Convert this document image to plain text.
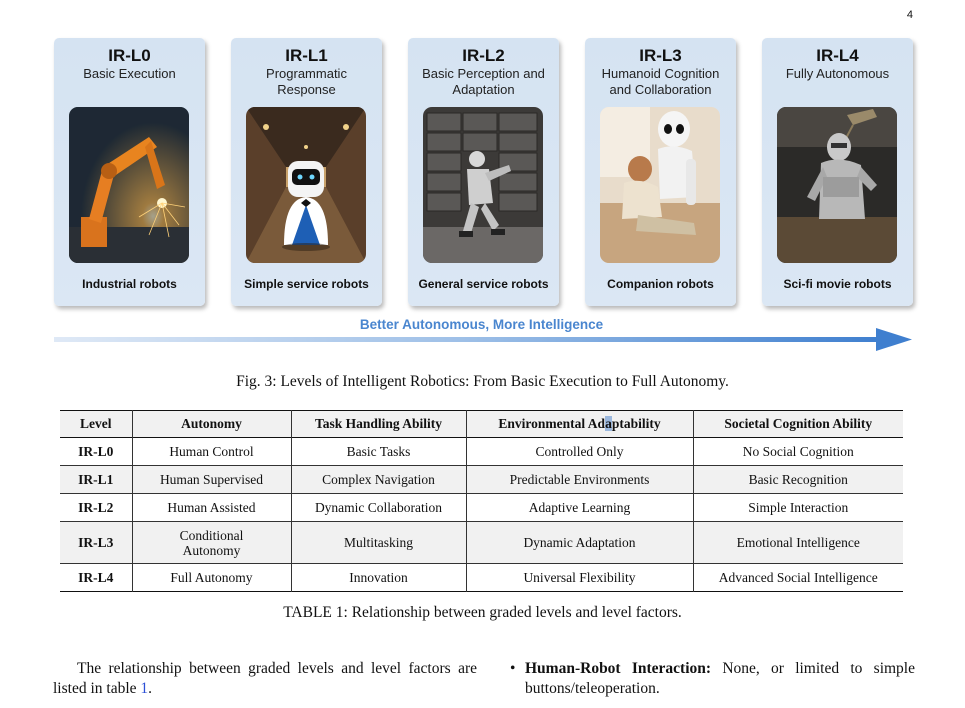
4
IR-L0
Basic Execution
Industrial robots
IR-L1
Programmatic Response
Simple service robots
IR-L2
Basic Perception and Adaptation
General service robots
IR-L3
Humanoid Cognition and Collaboration
Companion robots
IR-L4
Fully Autonomous
Sci-fi movie robots
Better Autonomous, More Intelligence
Fig. 3: Levels of Intelligent Robotics: From Basic Execution to Full Autonomy.
Level	Autonomy	Task Handling Ability	Environmental Adaptability	Societal Cognition Ability
IR-L0	Human Control	Basic Tasks	Controlled Only	No Social Cognition
IR-L1	Human Supervised	Complex Navigation	Predictable Environments	Basic Recognition
IR-L2	Human Assisted	Dynamic Collaboration	Adaptive Learning	Simple Interaction
IR-L3	Conditional Autonomy	Multitasking	Dynamic Adaptation	Emotional Intelligence
IR-L4	Full Autonomy	Innovation	Universal Flexibility	Advanced Social Intelligence
TABLE 1: Relationship between graded levels and level factors.
The relationship between graded levels and level factors are listed in table 1.
• Human-Robot Interaction: None, or limited to simple buttons/teleoperation.
